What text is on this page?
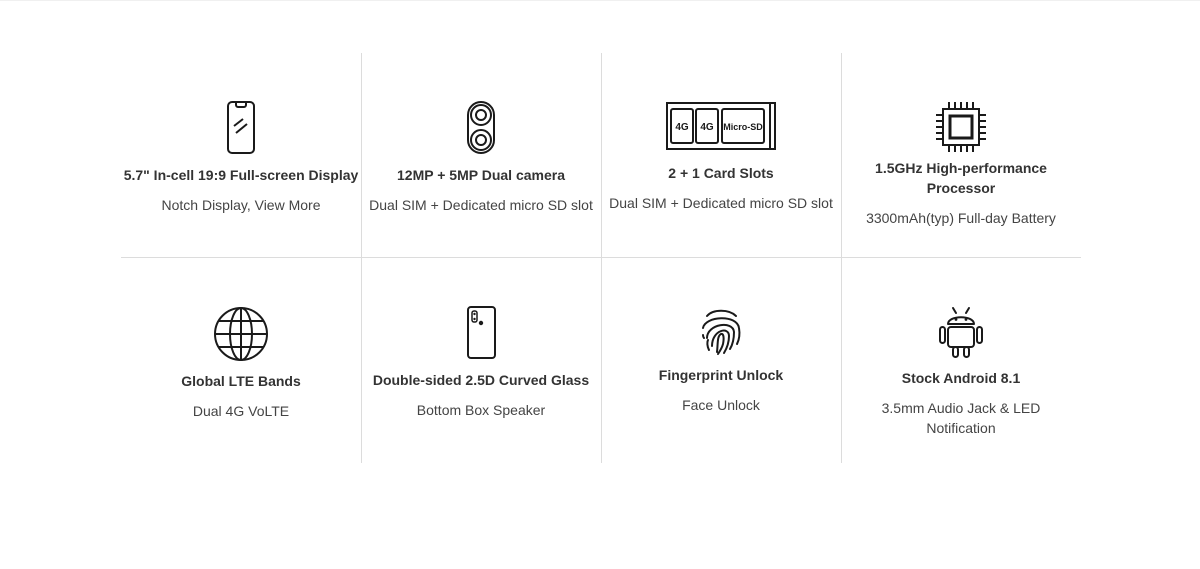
5.7" In-cell 19:9 Full-screen Display
Notch Display, View More
12MP + 5MP Dual camera
Dual SIM + Dedicated micro SD slot
4G 4G Micro-SD
2 + 1 Card Slots
Dual SIM + Dedicated micro SD slot
1.5GHz High-performance Processor
3300mAh(typ) Full-day Battery
Global LTE Bands
Dual 4G VoLTE
Double-sided 2.5D Curved Glass
Bottom Box Speaker
Fingerprint Unlock
Face Unlock
Stock Android 8.1
3.5mm Audio Jack & LED Notification
